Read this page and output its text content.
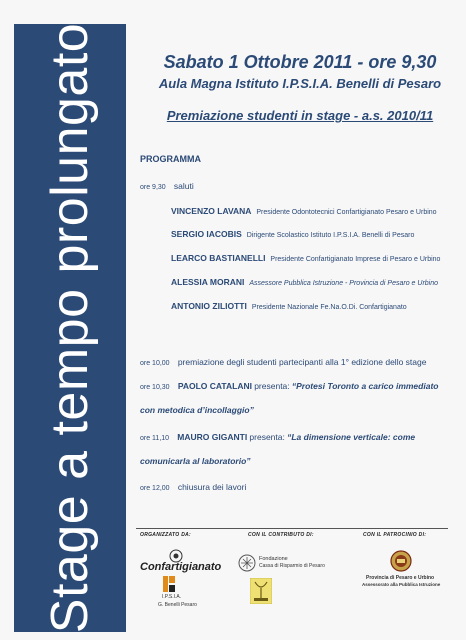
Stage a tempo prolungato	Sabato 1 Ottobre 2011 - ore 9,30
Aula Magna Istituto I.P.S.I.A. Benelli di Pesaro
Premiazione studenti in stage - a.s. 2010/11
PROGRAMMA
ore 9,30 saluti
VINCENZO LAVANA Presidente Odontotecnici Confartigianato Pesaro e Urbino
SERGIO IACOBIS Dirigente Scolastico Istituto I.P.S.I.A. Benelli di Pesaro
LEARCO BASTIANELLI Presidente Confartigianato Imprese di Pesaro e Urbino
ALESSIA MORANI Assessore Pubblica Istruzione - Provincia di Pesaro e Urbino
ANTONIO ZILIOTTI Presidente Nazionale Fe.Na.O.Di. Confartigianato
ore 10,00 premiazione degli studenti partecipanti alla 1° edizione dello stage
ore 10,30 PAOLO CATALANI presenta: “Protesi Toronto a carico immediato
con metodica d’incollaggio”
ore 11,10 MAURO GIGANTI presenta: “La dimensione verticale: come
comunicarla al laboratorio”
ore 12,00 chiusura dei lavori
ORGANIZZATO DA:	CON IL CONTRIBUTO DI:	CON IL PATROCINIO DI:
Confartigianato
I.P.S.I.A.
G. Benelli Pesaro
Fondazione
Cassa di Risparmio di Pesaro
Provincia di Pesaro e Urbino
Assessorato alla Pubblica Istruzione
